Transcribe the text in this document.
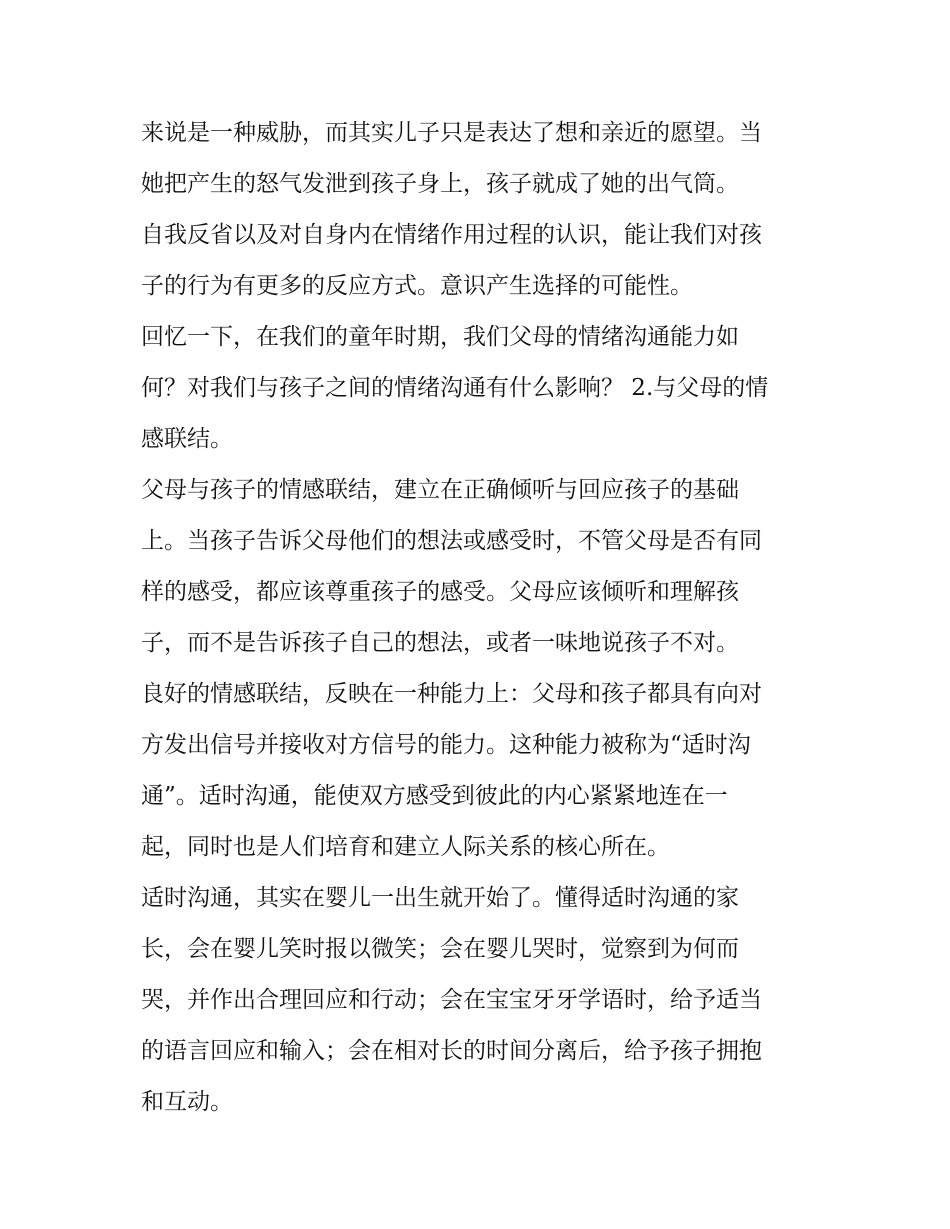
来说是一种威胁，而其实儿子只是表达了想和亲近的愿望。当
她把产生的怒气发泄到孩子身上，孩子就成了她的出气筒。
自我反省以及对自身内在情绪作用过程的认识，能让我们对孩
子的行为有更多的反应方式。意识产生选择的可能性。
回忆一下，在我们的童年时期，我们父母的情绪沟通能力如
何？对我们与孩子之间的情绪沟通有什么影响？ 2.与父母的情
感联结。
父母与孩子的情感联结，建立在正确倾听与回应孩子的基础
上。当孩子告诉父母他们的想法或感受时，不管父母是否有同
样的感受，都应该尊重孩子的感受。父母应该倾听和理解孩
子，而不是告诉孩子自己的想法，或者一味地说孩子不对。
良好的情感联结，反映在一种能力上：父母和孩子都具有向对
方发出信号并接收对方信号的能力。这种能力被称为“适时沟
通”。适时沟通，能使双方感受到彼此的内心紧紧地连在一
起，同时也是人们培育和建立人际关系的核心所在。
适时沟通，其实在婴儿一出生就开始了。懂得适时沟通的家
长，会在婴儿笑时报以微笑；会在婴儿哭时，觉察到为何而
哭，并作出合理回应和行动；会在宝宝牙牙学语时，给予适当
的语言回应和输入；会在相对长的时间分离后，给予孩子拥抱
和互动。
